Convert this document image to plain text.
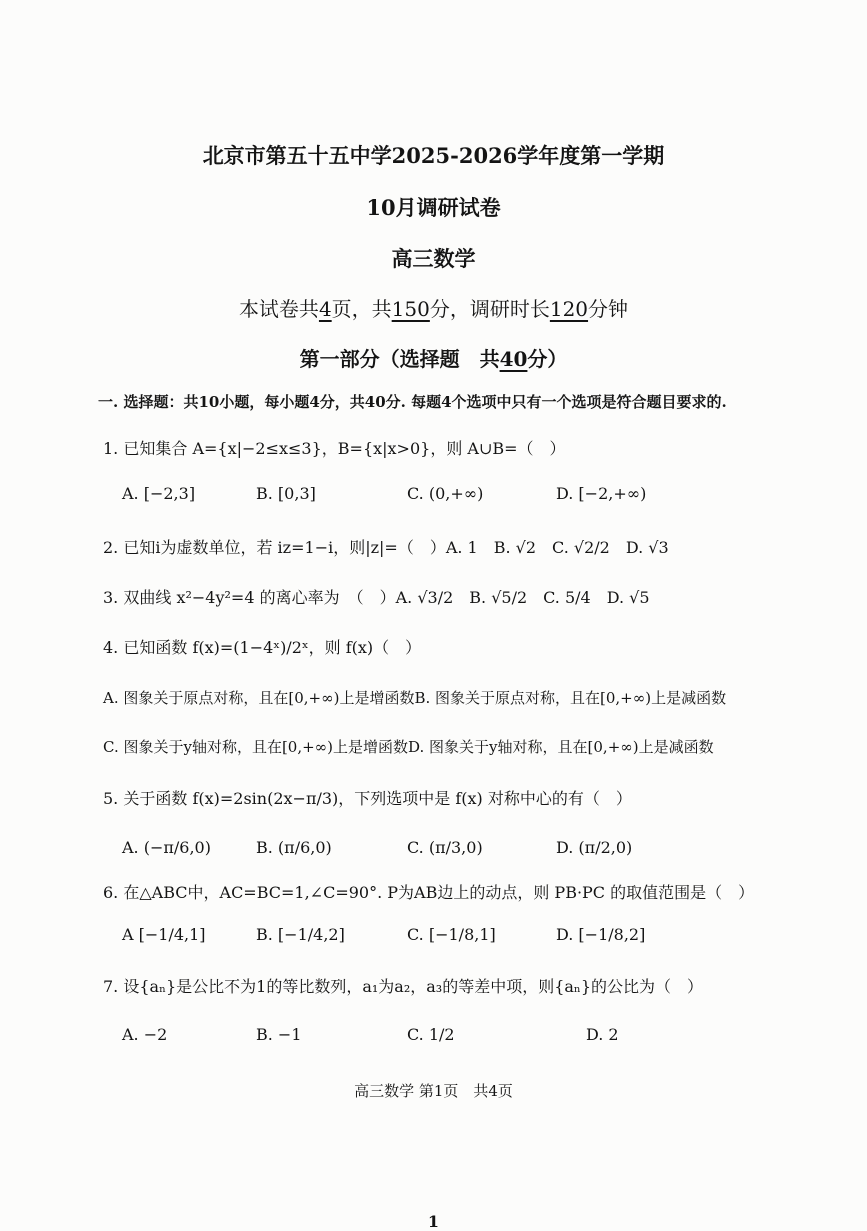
北京市第五十五中学2025-2026学年度第一学期
10月调研试卷
高三数学
本试卷共4页，共150分，调研时长120分钟
第一部分（选择题　共40分）
一. 选择题：共10小题，每小题4分，共40分. 每题4个选项中只有一个选项是符合题目要求的.
1. 已知集合 A={x|−2≤x≤3}，B={x|x>0}，则 A∪B=（　）
A. [−2,3]	B. [0,3]	C. (0,+∞)	D. [−2,+∞)
2. 已知i为虚数单位，若 iz=1−i，则|z|=（　）A. 1　B. √2　C. √2/2　D. √3
3. 双曲线 x²−4y²=4 的离心率为　（　）A. √3/2　B. √5/2　C. 5/4　D. √5
4. 已知函数 f(x)=(1−4ˣ)/2ˣ，则 f(x)（　）
A. 图象关于原点对称，且在[0,+∞)上是增函数B. 图象关于原点对称，且在[0,+∞)上是减函数
C. 图象关于y轴对称，且在[0,+∞)上是增函数D. 图象关于y轴对称，且在[0,+∞)上是减函数
5. 关于函数 f(x)=2sin(2x−π/3)，下列选项中是 f(x) 对称中心的有（　）
A. (−π/6,0)	B. (π/6,0)	C. (π/3,0)	D. (π/2,0)
6. 在△ABC中，AC=BC=1,∠C=90°. P为AB边上的动点，则 PB·PC 的取值范围是（　）
A [−1/4,1]	B. [−1/4,2]	C. [−1/8,1]	D. [−1/8,2]
7. 设{aₙ}是公比不为1的等比数列，a₁为a₂，a₃的等差中项，则{aₙ}的公比为（　）
A. −2	B. −1	C. 1/2	D. 2
高三数学 第1页　共4页
1
